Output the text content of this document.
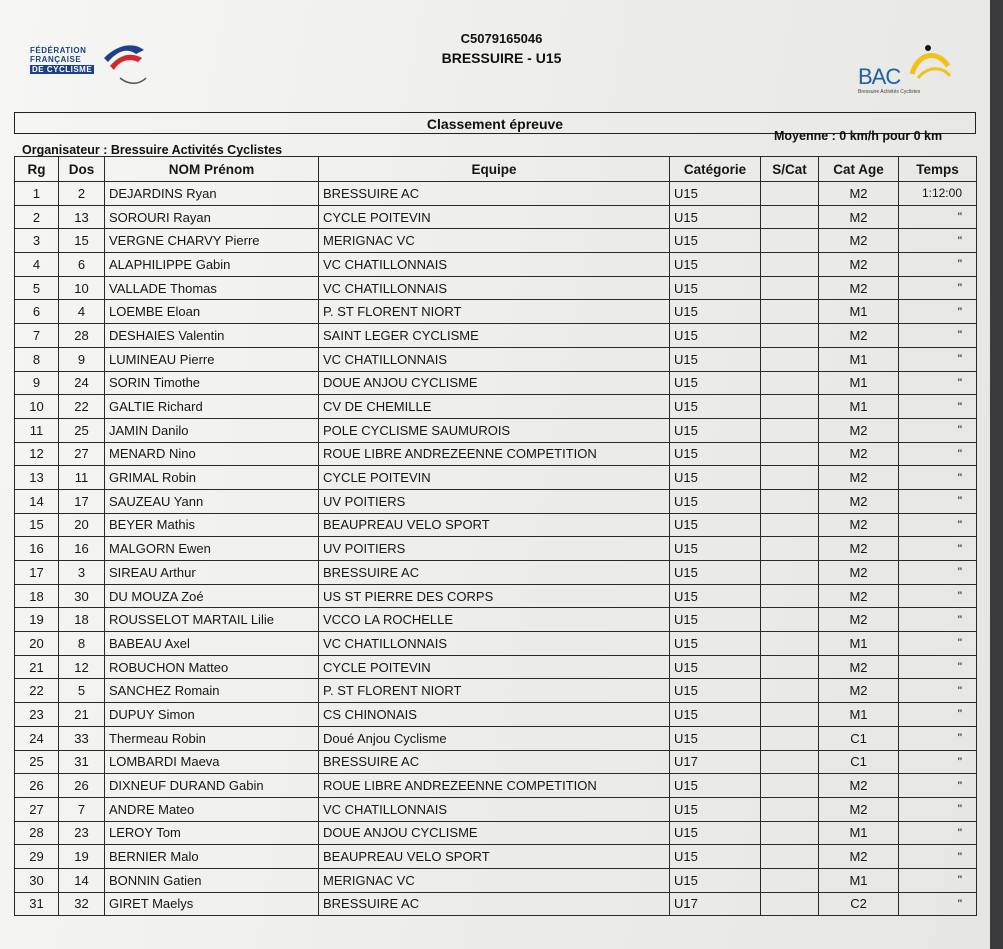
FÉDÉRATION
FRANÇAISE
DE CYCLISME
C5079165046
BRESSUIRE - U15
BAC
Bressuire Activités Cyclistes
Classement épreuve
Moyenne : 0 km/h pour 0 km
Organisateur : Bressuire Activités Cyclistes
Rg	Dos	NOM Prénom	Equipe	Catégorie	S/Cat	Cat Age	Temps
1	2	DEJARDINS Ryan	BRESSUIRE AC	U15		M2	1:12:00
2	13	SOROURI Rayan	CYCLE POITEVIN	U15		M2	"
3	15	VERGNE CHARVY Pierre	MERIGNAC VC	U15		M2	"
4	6	ALAPHILIPPE Gabin	VC CHATILLONNAIS	U15		M2	"
5	10	VALLADE Thomas	VC CHATILLONNAIS	U15		M2	"
6	4	LOEMBE Eloan	P. ST FLORENT NIORT	U15		M1	"
7	28	DESHAIES Valentin	SAINT LEGER CYCLISME	U15		M2	"
8	9	LUMINEAU Pierre	VC CHATILLONNAIS	U15		M1	"
9	24	SORIN Timothe	DOUE ANJOU CYCLISME	U15		M1	"
10	22	GALTIE Richard	CV DE CHEMILLE	U15		M1	"
11	25	JAMIN Danilo	POLE CYCLISME SAUMUROIS	U15		M2	"
12	27	MENARD Nino	ROUE LIBRE ANDREZEENNE COMPETITION	U15		M2	"
13	11	GRIMAL Robin	CYCLE POITEVIN	U15		M2	"
14	17	SAUZEAU Yann	UV POITIERS	U15		M2	"
15	20	BEYER Mathis	BEAUPREAU VELO SPORT	U15		M2	"
16	16	MALGORN Ewen	UV POITIERS	U15		M2	"
17	3	SIREAU Arthur	BRESSUIRE AC	U15		M2	"
18	30	DU MOUZA Zoé	US ST PIERRE DES CORPS	U15		M2	"
19	18	ROUSSELOT MARTAIL Lilie	VCCO LA ROCHELLE	U15		M2	"
20	8	BABEAU Axel	VC CHATILLONNAIS	U15		M1	"
21	12	ROBUCHON Matteo	CYCLE POITEVIN	U15		M2	"
22	5	SANCHEZ Romain	P. ST FLORENT NIORT	U15		M2	"
23	21	DUPUY Simon	CS CHINONAIS	U15		M1	"
24	33	Thermeau Robin	Doué Anjou Cyclisme	U15		C1	"
25	31	LOMBARDI Maeva	BRESSUIRE AC	U17		C1	"
26	26	DIXNEUF DURAND Gabin	ROUE LIBRE ANDREZEENNE COMPETITION	U15		M2	"
27	7	ANDRE Mateo	VC CHATILLONNAIS	U15		M2	"
28	23	LEROY Tom	DOUE ANJOU CYCLISME	U15		M1	"
29	19	BERNIER Malo	BEAUPREAU VELO SPORT	U15		M2	"
30	14	BONNIN Gatien	MERIGNAC VC	U15		M1	"
31	32	GIRET Maelys	BRESSUIRE AC	U17		C2	"
